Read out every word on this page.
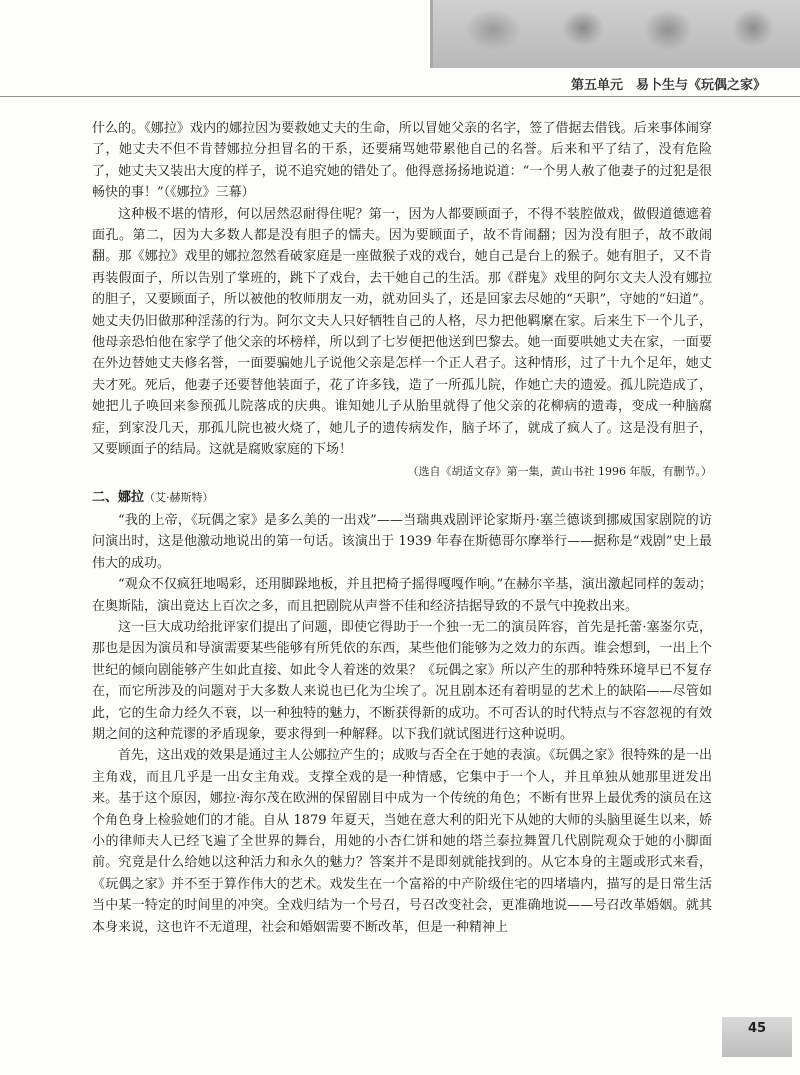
第五单元　易卜生与《玩偶之家》

什么的。《娜拉》戏内的娜拉因为要救她丈夫的生命，所以冒她父亲的名字，签了借据去借钱。后来事体闹穿了，她丈夫不但不肯替娜拉分担冒名的干系，还要痛骂她带累他自己的名誉。后来和平了结了，没有危险了，她丈夫又装出大度的样子，说不追究她的错处了。他得意扬扬地说道：“一个男人赦了他妻子的过犯是很畅快的事！”（《娜拉》三幕）

这种极不堪的情形，何以居然忍耐得住呢？第一，因为人都要顾面子，不得不装腔做戏，做假道德遮着面孔。第二，因为大多数人都是没有胆子的懦夫。因为要顾面子，故不肯闹翻；因为没有胆子，故不敢闹翻。那《娜拉》戏里的娜拉忽然看破家庭是一座做猴子戏的戏台，她自己是台上的猴子。她有胆子，又不肯再装假面子，所以告别了掌班的，跳下了戏台，去干她自己的生活。那《群鬼》戏里的阿尔文夫人没有娜拉的胆子，又要顾面子，所以被他的牧师朋友一劝，就劝回头了，还是回家去尽她的“天职”，守她的“妇道”。她丈夫仍旧做那种淫荡的行为。阿尔文夫人只好牺牲自己的人格，尽力把他羁縻在家。后来生下一个儿子，他母亲恐怕他在家学了他父亲的坏榜样，所以到了七岁便把他送到巴黎去。她一面要哄她丈夫在家，一面要在外边替她丈夫修名誉，一面要骗她儿子说他父亲是怎样一个正人君子。这种情形，过了十九个足年，她丈夫才死。死后，他妻子还要替他装面子，花了许多钱，造了一所孤儿院，作她亡夫的遗爱。孤儿院造成了，她把儿子唤回来参预孤儿院落成的庆典。谁知她儿子从胎里就得了他父亲的花柳病的遗毒，变成一种脑腐症，到家没几天，那孤儿院也被火烧了，她儿子的遗传病发作，脑子坏了，就成了疯人了。这是没有胆子，又要顾面子的结局。这就是腐败家庭的下场！

（选自《胡适文存》第一集，黄山书社 1996 年版，有删节。）
二、娜拉（艾·赫斯特）

“我的上帝，《玩偶之家》是多么美的一出戏”——当瑞典戏剧评论家斯丹·塞兰德谈到挪威国家剧院的访问演出时，这是他激动地说出的第一句话。该演出于 1939 年春在斯德哥尔摩举行——据称是“戏剧”史上最伟大的成功。

“观众不仅疯狂地喝彩，还用脚跺地板，并且把椅子摇得嘎嘎作响。”在赫尔辛基，演出激起同样的轰动；在奥斯陆，演出竟达上百次之多，而且把剧院从声誉不佳和经济拮据导致的不景气中挽救出来。

这一巨大成功给批评家们提出了问题，即使它得助于一个独一无二的演员阵容，首先是托蕾·塞崟尔克，那也是因为演员和导演需要某些能够有所凭依的东西，某些他们能够为之效力的东西。谁会想到，一出上个世纪的倾向剧能够产生如此直接、如此令人着迷的效果？《玩偶之家》所以产生的那种特殊环境早已不复存在，而它所涉及的问题对于大多数人来说也已化为尘埃了。况且剧本还有着明显的艺术上的缺陷——尽管如此，它的生命力经久不衰，以一种独特的魅力，不断获得新的成功。不可否认的时代特点与不容忽视的有效期之间的这种荒谬的矛盾现象，要求得到一种解释。以下我们就试图进行这种说明。

首先，这出戏的效果是通过主人公娜拉产生的；成败与否全在于她的表演。《玩偶之家》很特殊的是一出主角戏，而且几乎是一出女主角戏。支撑全戏的是一种情感，它集中于一个人，并且单独从她那里迸发出来。基于这个原因，娜拉·海尔茂在欧洲的保留剧目中成为一个传统的角色；不断有世界上最优秀的演员在这个角色身上检验她们的才能。自从 1879 年夏天，当她在意大利的阳光下从她的大师的头脑里诞生以来，娇小的律师夫人已经飞遍了全世界的舞台，用她的小杏仁饼和她的塔兰泰拉舞置几代剧院观众于她的小脚面前。究竟是什么给她以这种活力和永久的魅力？答案并不是即刻就能找到的。从它本身的主题或形式来看，《玩偶之家》并不至于算作伟大的艺术。戏发生在一个富裕的中产阶级住宅的四堵墙内，描写的是日常生活当中某一特定的时间里的冲突。全戏归结为一个号召，号召改变社会，更准确地说——号召改革婚姻。就其本身来说，这也许不无道理，社会和婚姻需要不断改革，但是一种精神上

45
